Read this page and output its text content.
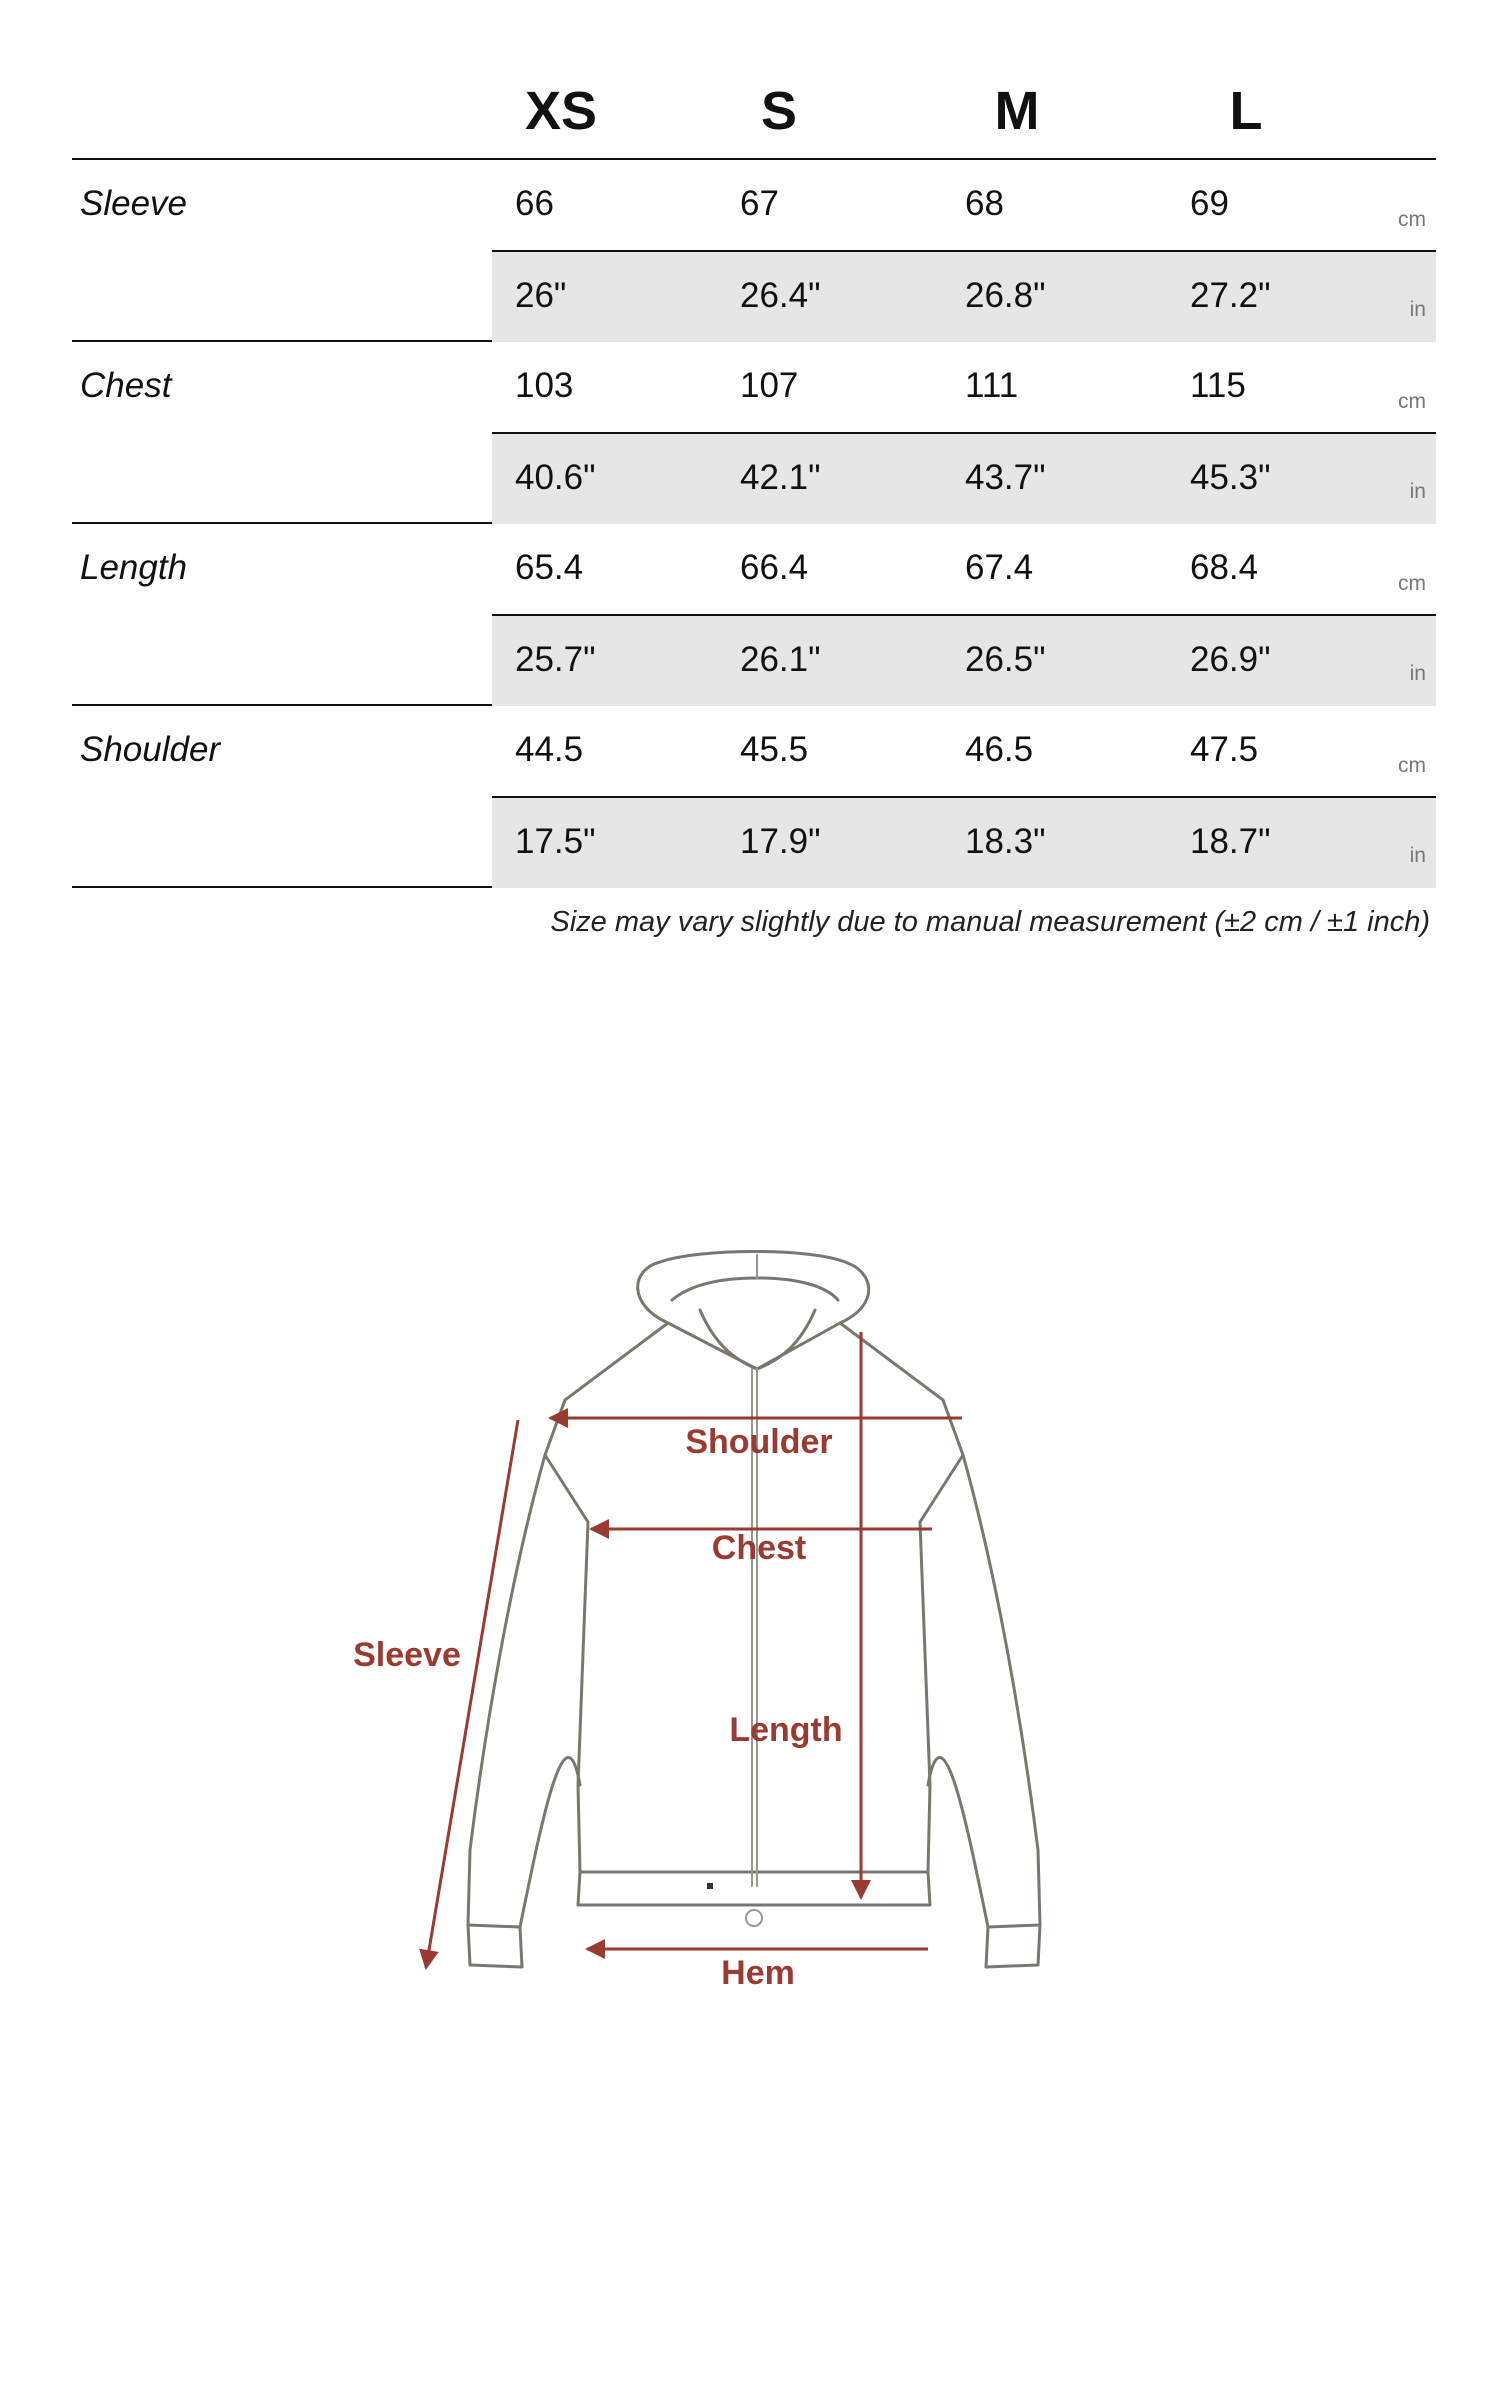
XS	S	M	L
Sleeve	66	67	68	69	cm
26"	26.4"	26.8"	27.2"	in
Chest	103	107	111	115	cm
40.6"	42.1"	43.7"	45.3"	in
Length	65.4	66.4	67.4	68.4	cm
25.7"	26.1"	26.5"	26.9"	in
Shoulder	44.5	45.5	46.5	47.5	cm
17.5"	17.9"	18.3"	18.7"	in
Size may vary slightly due to manual measurement (±2 cm / ±1 inch)
Shoulder
Chest
Sleeve
Length
Hem
